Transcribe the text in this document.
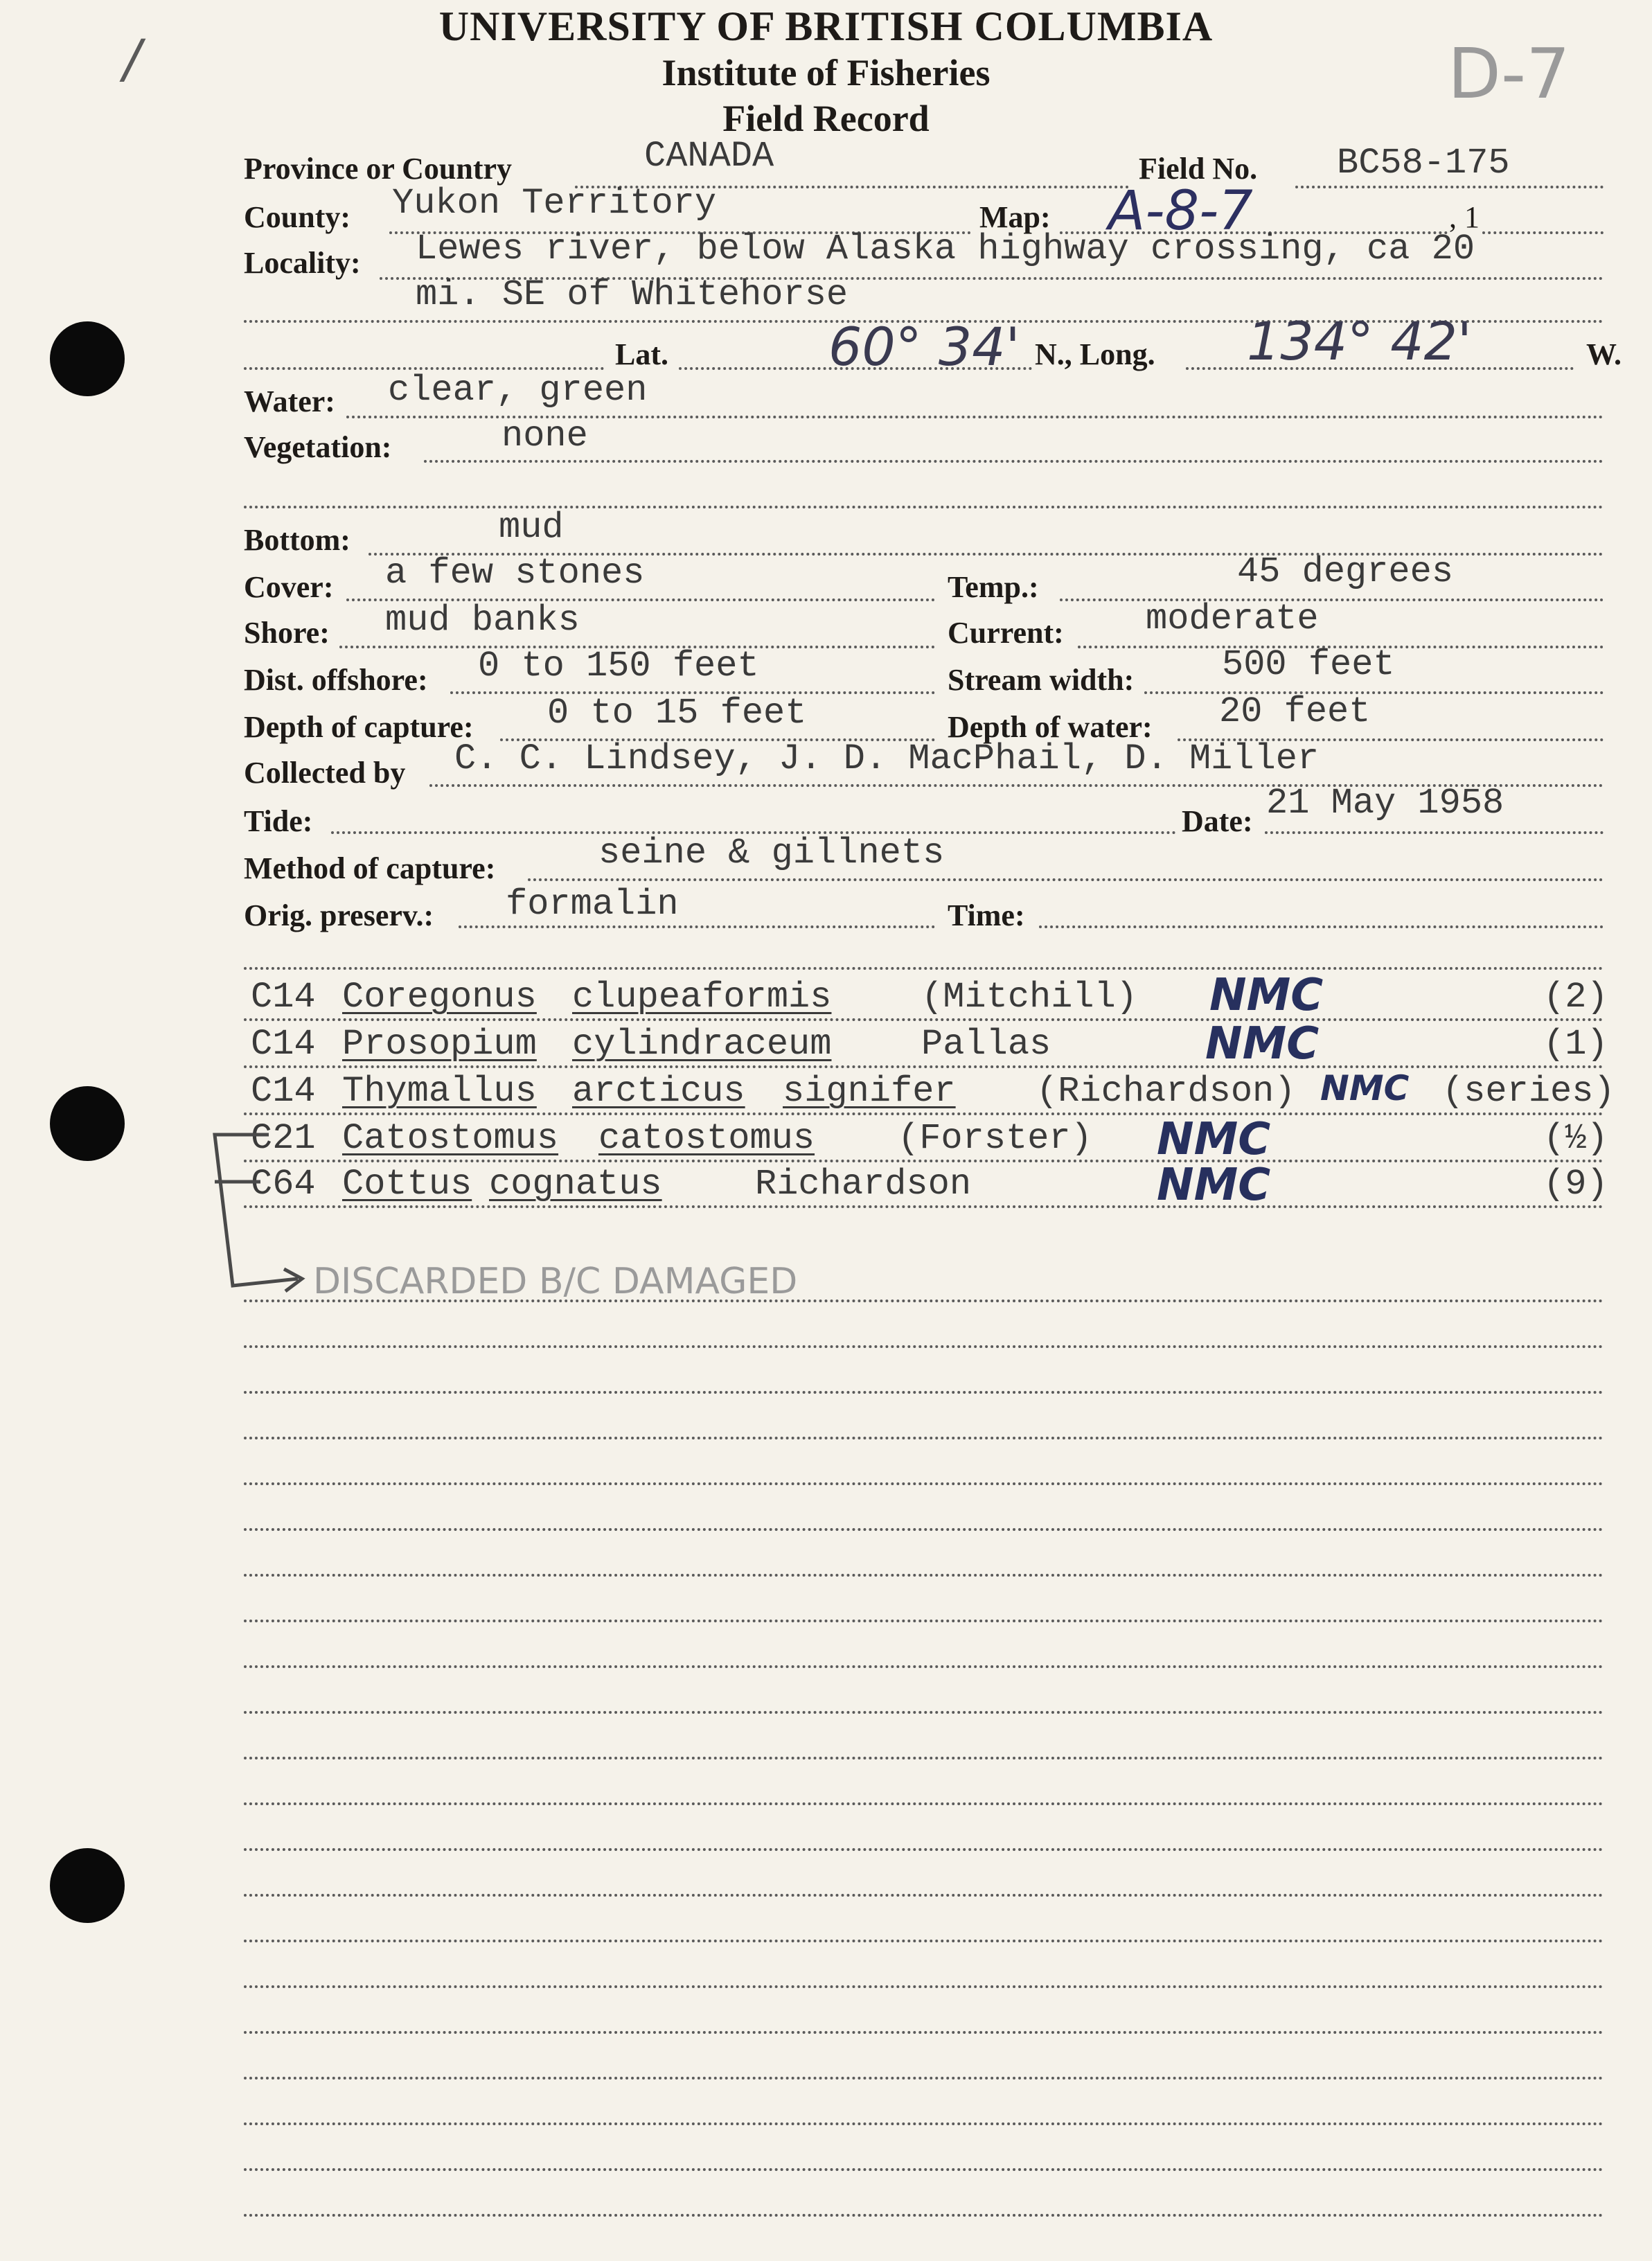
/	D-7
UNIVERSITY OF BRITISH COLUMBIA
Institute of Fisheries
Field Record
Province or Country	CANADA	Field No. BC58-175
County: Yukon Territory	Map: A-8-7	, 1
Locality: Lewes river, below Alaska highway crossing, ca 20
mi. SE of Whitehorse
Lat.	60° 34' N., Long. 134° 42'	W.
Water: clear, green
Vegetation:	none
Bottom:	mud
Cover: a few stones	Temp.:	45 degrees
Shore: mud banks	Current: moderate
Dist. offshore: 0 to 150 feet	Stream width: 500 feet
Depth of capture: 0 to 15 feet	Depth of water: 20 feet
Collected by C. C. Lindsey, J. D. MacPhail, D. Miller
Tide:	Date: 21 May 1958
Method of capture:	seine & gillnets
Orig. preserv.: formalin	Time:
C14 Coregonus clupeaformis (Mitchill) NMC	(2)
C14 Prosopium cylindraceum Pallas	NMC	(1)
C14 Thymallus arcticus signifer (Richardson) NMC (series)
C21 Catostomus catostomus (Forster) NMC	(½)
C64 Cottus cognatus	Richardson	NMC	(9)
DISCARDED B/C DAMAGED
